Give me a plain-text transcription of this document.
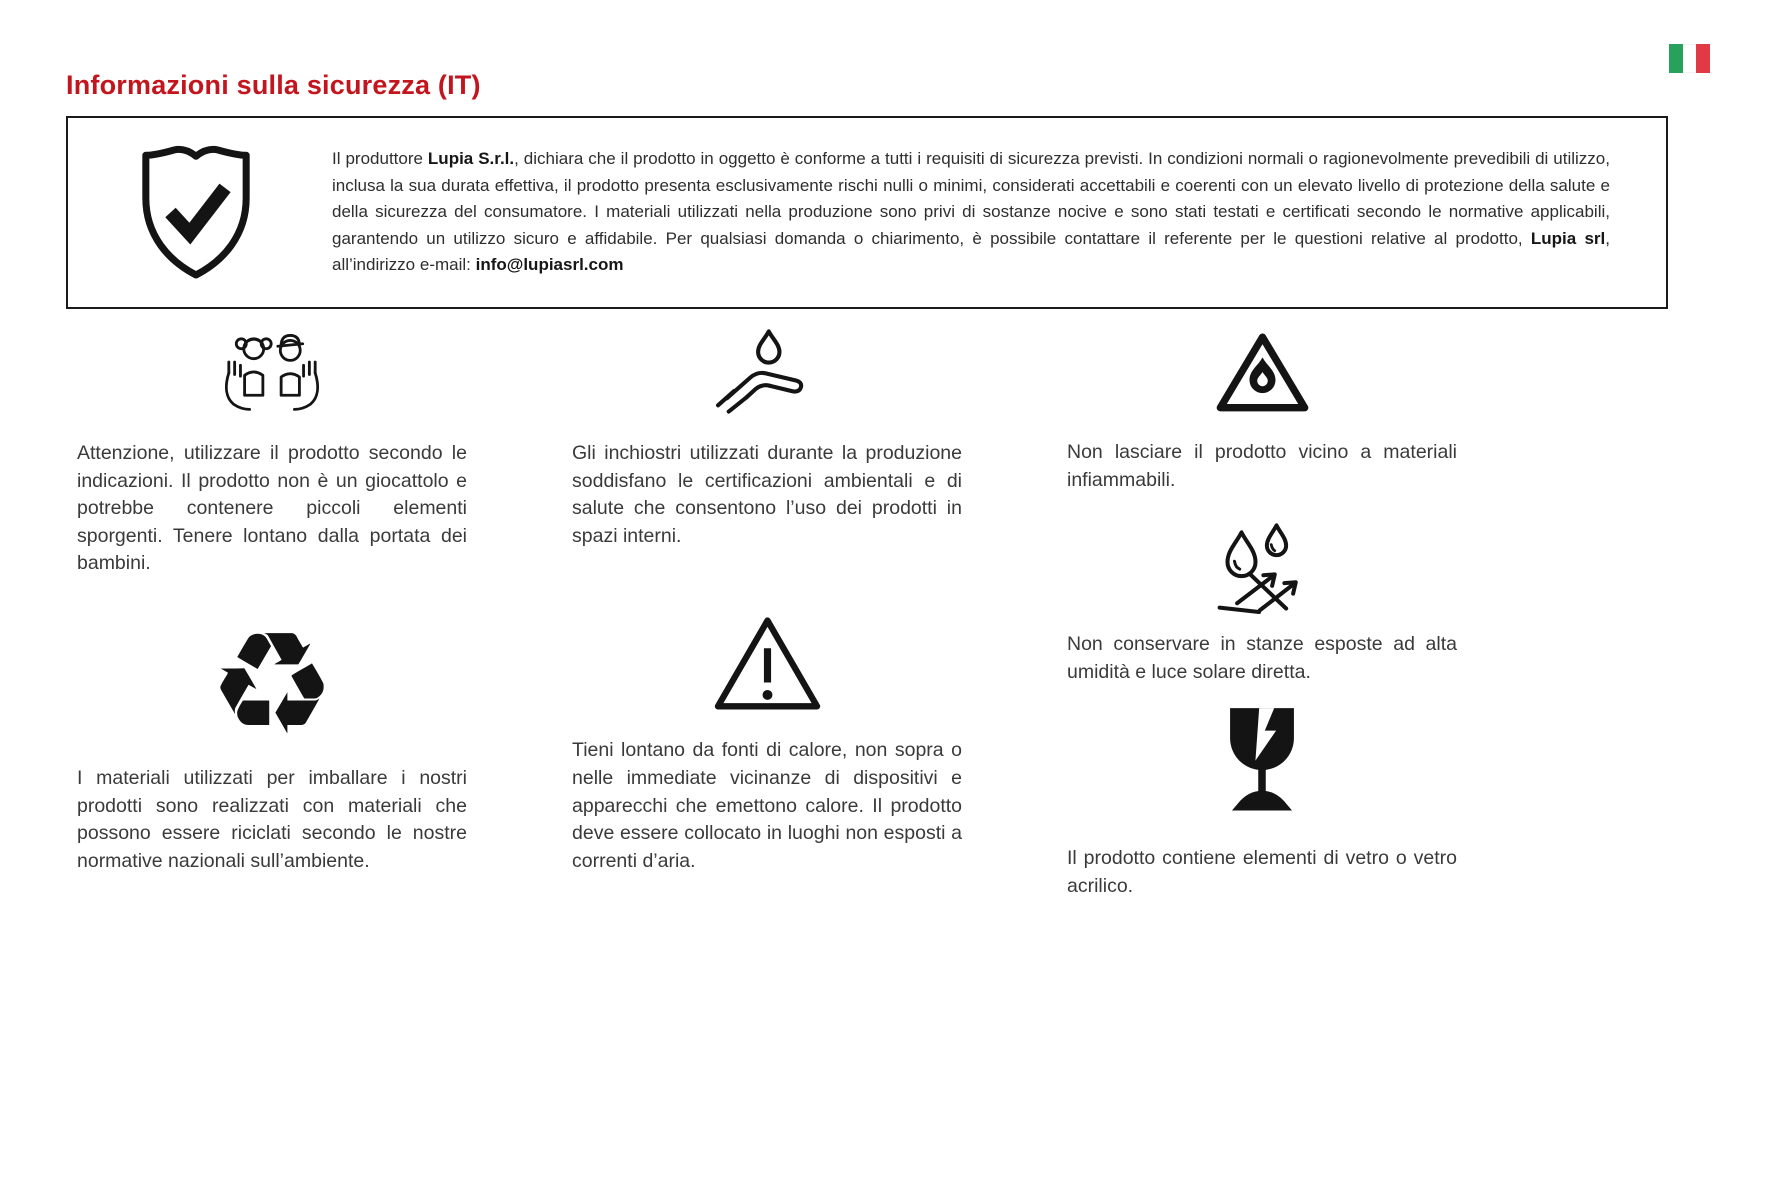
Informazioni sulla sicurezza (IT)

Il produttore Lupia S.r.l., dichiara che il prodotto in oggetto è conforme a tutti i requisiti di sicurezza previsti. In condizioni normali o ragionevolmente prevedibili di utilizzo, inclusa la sua durata effettiva, il prodotto presenta esclusivamente rischi nulli o minimi, considerati accettabili e coerenti con un elevato livello di protezione della salute e della sicurezza del consumatore. I materiali utilizzati nella produzione sono privi di sostanze nocive e sono stati testati e certificati secondo le normative applicabili, garantendo un utilizzo sicuro e affidabile. Per qualsiasi domanda o chiarimento, è possibile contattare il referente per le questioni relative al prodotto, Lupia srl, all’indirizzo e-mail: info@lupiasrl.com

Attenzione, utilizzare il prodotto secondo le indicazioni. Il prodotto non è un giocattolo e potrebbe contenere piccoli elementi sporgenti. Tenere lontano dalla portata dei bambini.

♻

I materiali utilizzati per imballare i nostri prodotti sono realizzati con materiali che possono essere riciclati secondo le nostre normative nazionali sull’ambiente.

Gli inchiostri utilizzati durante la produzione soddisfano le certificazioni ambientali e di salute che consentono l’uso dei prodotti in spazi interni.

Tieni lontano da fonti di calore, non sopra o nelle immediate vicinanze di dispositivi e apparecchi che emettono calore. Il prodotto deve essere collocato in luoghi non esposti a correnti d’aria.

Non lasciare il prodotto vicino a materiali infiammabili.

Non conservare in stanze esposte ad alta umidità e luce solare diretta.

Il prodotto contiene elementi di vetro o vetro acrilico.
